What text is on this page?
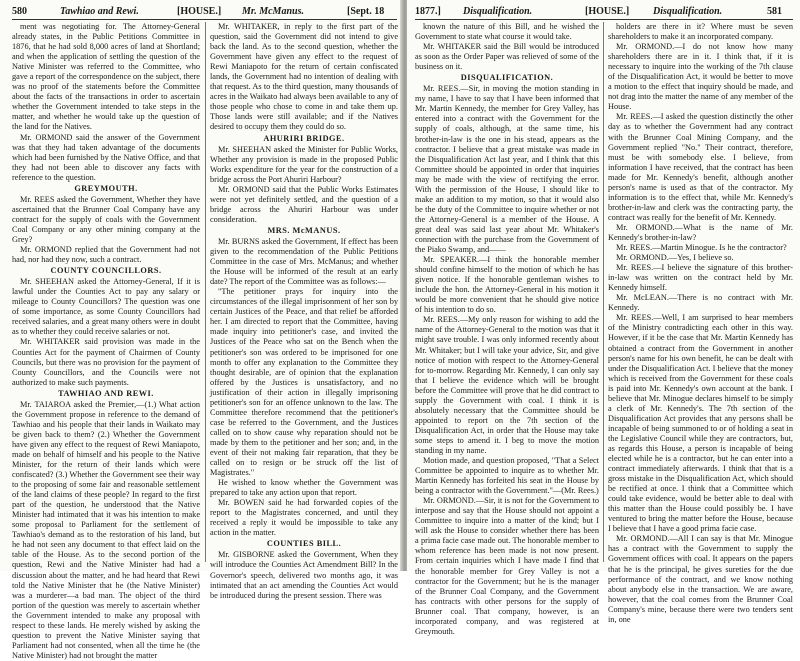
580	Tawhiao and Rewi.	[HOUSE.] Mr. McManus.	[Sept. 18

ment was negotiating for. The Attorney-General already states, in the Public Petitions Committee in 1876, that he had sold 8,000 acres of land at Shortland; and when the application of settling the question of the Native Minister was referred to the Committee, who gave a report of the correspondence on the subject, there was no proof of the statements before the Committee about the facts of the transactions in order to ascertain whether the Government intended to take steps in the matter, and whether he would take up the question of the land for the Natives.

Mr. ORMOND said the answer of the Government was that they had taken advantage of the documents which had been furnished by the Native Office, and that they had not been able to discover any facts with reference to the question.

GREYMOUTH.

Mr. REES asked the Government, Whether they have ascertained that the Brunner Coal Company have any contract for the supply of coals with the Government Coal Company or any other mining company at the Grey?

Mr. ORMOND replied that the Government had not had, nor had they now, such a contract.

COUNTY COUNCILLORS.

Mr. SHEEHAN asked the Attorney-General, If it is lawful under the Counties Act to pay any salary or mileage to County Councillors? The question was one of some importance, as some County Councillors had received salaries, and a great many others were in doubt as to whether they could receive salaries or not.

Mr. WHITAKER said provision was made in the Counties Act for the payment of Chairmen of County Councils, but there was no provision for the payment of County Councillors, and the Councils were not authorized to make such payments.

TAWHIAO AND REWI.

Mr. TAIAROA asked the Premier,—(1.) What action the Government propose in reference to the demand of Tawhiao and his people that their lands in Waikato may be given back to them? (2.) Whether the Government have given any effect to the request of Rewi Maniapoto, made on behalf of himself and his people to the Native Minister, for the return of their lands which were confiscated? (3.) Whether the Government see their way to the proposing of some fair and reasonable settlement of the land claims of these people? In regard to the first part of the question, he understood that the Native Minister had intimated that it was his intention to make some proposal to Parliament for the settlement of Tawhiao's demand as to the restoration of his land, but he had not seen any document to that effect laid on the table of the House. As to the second portion of the question, Rewi and the Native Minister had had a discussion about the matter, and he had heard that Rewi told the Native Minister that he (the Native Minister) was a murderer—a bad man. The object of the third portion of the question was merely to ascertain whether the Government intended to make any proposal with respect to these lands. He merely wished by asking the question to prevent the Native Minister saying that Parliament had not consented, when all the time he (the Native Minister) had not brought the matter

Mr. WHITAKER, in reply to the first part of the question, said the Government did not intend to give back the land. As to the second question, whether the Government have given any effect to the request of Rewi Maniapoto for the return of certain confiscated lands, the Government had no intention of dealing with that request. As to the third question, many thousands of acres in the Waikato had always been available to any of those people who chose to come in and take them up. Those lands were still available; and if the Natives desired to occupy them they could do so.

AHURIRI BRIDGE.

Mr. SHEEHAN asked the Minister for Public Works, Whether any provision is made in the proposed Public Works expenditure for the year for the construction of a bridge across the Port Ahuriri Harbour?

Mr. ORMOND said that the Public Works Estimates were not yet definitely settled, and the question of a bridge across the Ahuriri Harbour was under consideration.

MRS. McMANUS.

Mr. BURNS asked the Government, If effect has been given to the recommendation of the Public Petitions Committee in the case of Mrs. McManus; and whether the House will be informed of the result at an early date? The report of the Committee was as follows:—

"The petitioner prays for inquiry into the circumstances of the illegal imprisonment of her son by certain Justices of the Peace, and that relief be afforded her. I am directed to report that the Committee, having made inquiry into petitioner's case, and invited the Justices of the Peace who sat on the Bench when the petitioner's son was ordered to be imprisoned for one month to offer any explanation to the Committee they thought desirable, are of opinion that the explanation offered by the Justices is unsatisfactory, and no justification of their action in illegally imprisoning petitioner's son for an offence unknown to the law. The Committee therefore recommend that the petitioner's case be referred to the Government, and the Justices called on to show cause why reparation should not be made by them to the petitioner and her son; and, in the event of their not making fair reparation, that they be called on to resign or be struck off the list of Magistrates."

He wished to know whether the Government was prepared to take any action upon that report.

Mr. BOWEN said he had forwarded copies of the report to the Magistrates concerned, and until they received a reply it would be impossible to take any action in the matter.

COUNTIES BILL.

Mr. GISBORNE asked the Government, When they will introduce the Counties Act Amendment Bill? In the Governor's speech, delivered two months ago, it was intimated that an act amending the Counties Act would be introduced during the present session. There was

1877.] Disqualification.	[HOUSE.] Disqualification.	581

known the nature of this Bill, and he wished the Government to state what course it would take.

Mr. WHITAKER said the Bill would be introduced as soon as the Order Paper was relieved of some of the business on it.

DISQUALIFICATION.

Mr. REES.—Sir, in moving the motion standing in my name, I have to say that I have been informed that Mr. Martin Kennedy, the member for Grey Valley, has entered into a contract with the Government for the supply of coals, although, at the same time, his brother-in-law is the one in his stead, appears as the contractor. I believe that a great mistake was made in the Disqualification Act last year, and I think that this Committee should be appointed in order that inquiries may be made with the view of rectifying the error. With the permission of the House, I should like to make an addition to my motion, so that it would also be the duty of the Committee to inquire whether or not the Attorney-General is a member of the House. A great deal was said last year about Mr. Whitaker's connection with the purchase from the Government of the Piako Swamp, and——

Mr. SPEAKER.—I think the honorable member should confine himself to the motion of which he has given notice. If the honorable gentleman wishes to include the hon. the Attorney-General in his motion it would be more convenient that he should give notice of his intention to do so.

Mr. REES.—My only reason for wishing to add the name of the Attorney-General to the motion was that it might save trouble. I was only informed recently about Mr. Whitaker; but I will take your advice, Sir, and give notice of motion with respect to the Attorney-General for to-morrow. Regarding Mr. Kennedy, I can only say that I believe the evidence which will be brought before the Committee will prove that he did contract to supply the Government with coal. I think it is absolutely necessary that the Committee should be appointed to report on the 7th section of the Disqualification Act, in order that the House may take some steps to amend it. I beg to move the motion standing in my name.

Motion made, and question proposed, "That a Select Committee be appointed to inquire as to whether Mr. Martin Kennedy has forfeited his seat in the House by being a contractor with the Government."—(Mr. Rees.)

Mr. ORMOND.—Sir, it is not for the Government to interpose and say that the House should not appoint a Committee to inquire into a matter of the kind; but I will ask the House to consider whether there has been a prima facie case made out. The honorable member to whom reference has been made is not now present. From certain inquiries which I have made I find that the honorable member for Grey Valley is not a contractor for the Government; but he is the manager of the Brunner Coal Company, and the Government has contracts with other persons for the supply of Brunner coal. That company, however, is an incorporated company, and was registered at Greymouth.

holders are there in it? Where must be seven shareholders to make it an incorporated company.

Mr. ORMOND.—I do not know how many shareholders there are in it. I think that, if it is necessary to inquire into the working of the 7th clause of the Disqualification Act, it would be better to move a motion to the effect that inquiry should be made, and not drag into the matter the name of any member of the House.

Mr. REES.—I asked the question distinctly the other day as to whether the Government had any contract with the Brunner Coal Mining Company, and the Government replied "No." Their contract, therefore, must be with somebody else. I believe, from information I have received, that the contract has been made for Mr. Kennedy's benefit, although another person's name is used as that of the contractor. My information is to the effect that, while Mr. Kennedy's brother-in-law and clerk was the contracting party, the contract was really for the benefit of Mr. Kennedy.

Mr. ORMOND.—What is the name of Mr. Kennedy's brother-in-law?

Mr. REES.—Martin Minogue. Is he the contractor?

Mr. ORMOND.—Yes, I believe so.

Mr. REES.—I believe the signature of this brother-in-law was written on the contract held by Mr. Kennedy himself.

Mr. McLEAN.—There is no contract with Mr. Kennedy.

Mr. REES.—Well, I am surprised to hear members of the Ministry contradicting each other in this way. However, if it be the case that Mr. Martin Kennedy has obtained a contract from the Government in another person's name for his own benefit, he can be dealt with under the Disqualification Act. I believe that the money which is received from the Government for these coals is paid into Mr. Kennedy's own account at the bank. I believe that Mr. Minogue declares himself to be simply a clerk of Mr. Kennedy's. The 7th section of the Disqualification Act provides that any persons shall be incapable of being summoned to or of holding a seat in the Legislative Council while they are contractors, but, as regards this House, a person is incapable of being elected while he is a contractor, but he can enter into a contract immediately afterwards. I think that that is a gross mistake in the Disqualification Act, which should be rectified at once. I think that a Committee which could take evidence, would be better able to deal with this matter than the House could possibly be. I have ventured to bring the matter before the House, because I believe that I have a good prima facie case.

Mr. ORMOND.—All I can say is that Mr. Minogue has a contract with the Government to supply the Government offices with coal. It appears on the papers that he is the principal, he gives sureties for the due performance of the contract, and we know nothing about anybody else in the transaction. We are aware, however, that the coal comes from the Brunner Coal Company's mine, because there were two tenders sent in, one
